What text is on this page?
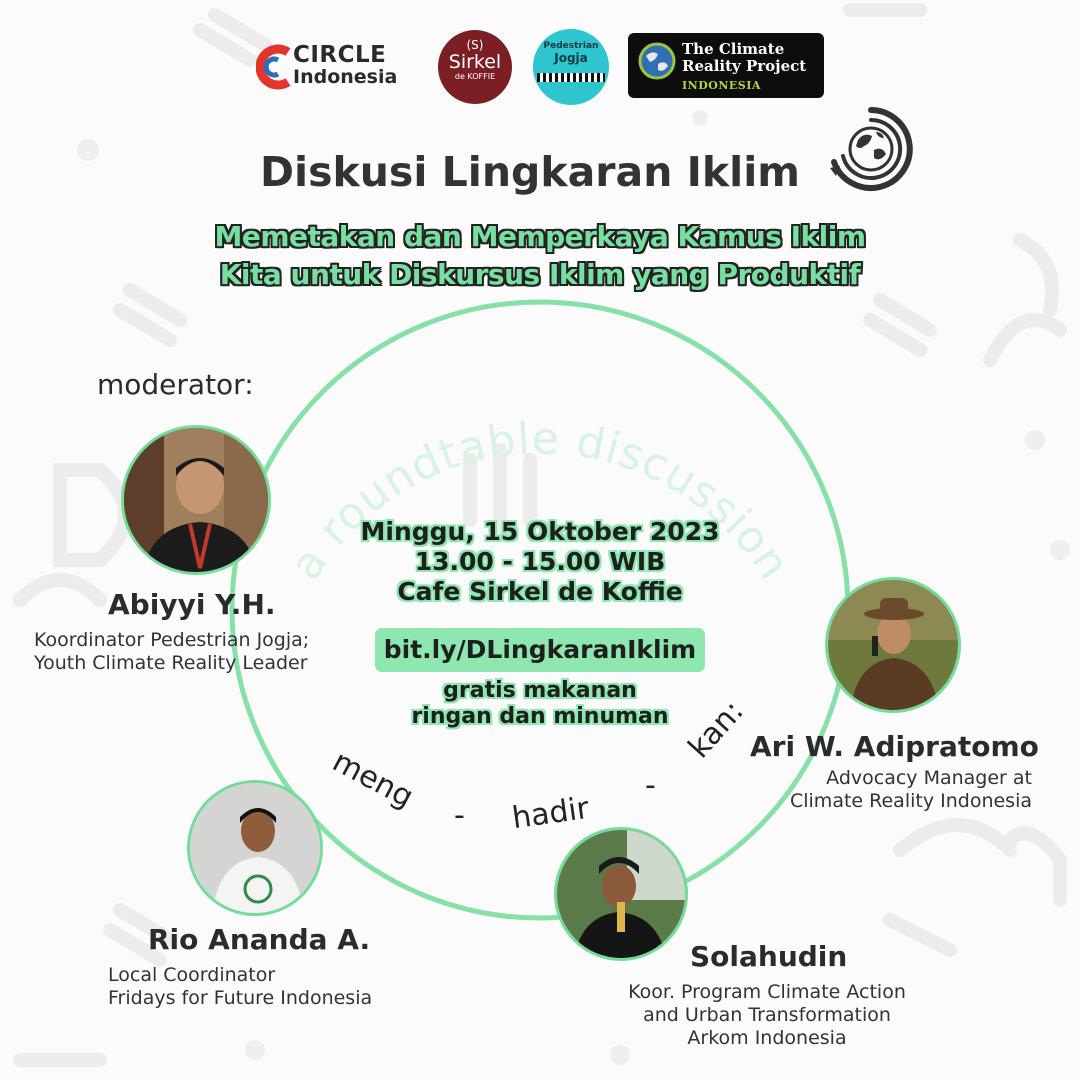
CIRCLE
Indonesia
(S)
Sirkel
de KOFFIE
Pedestrian
Jogja	The Climate
Reality Project
INDONESIA
Diskusi Lingkaran Iklim
Memetakan dan Memperkaya Kamus Iklim
Kita untuk Diskursus Iklim yang Produktif
a roundtable discussion
moderator:
Abiyyi Y.H.
Koordinator Pedestrian Jogja;
Youth Climate Reality Leader
Ari W. Adipratomo
Advocacy Manager at
Climate Reality Indonesia
Rio Ananda A.
Local Coordinator
Fridays for Future Indonesia
Solahudin
Koor. Program Climate Action
and Urban Transformation
Arkom Indonesia
Minggu, 15 Oktober 2023
13.00 - 15.00 WIB
Cafe Sirkel de Koffie
bit.ly/DLingkaranIklim
gratis makanan
ringan dan minuman
meng
- hadir
-
kan:
